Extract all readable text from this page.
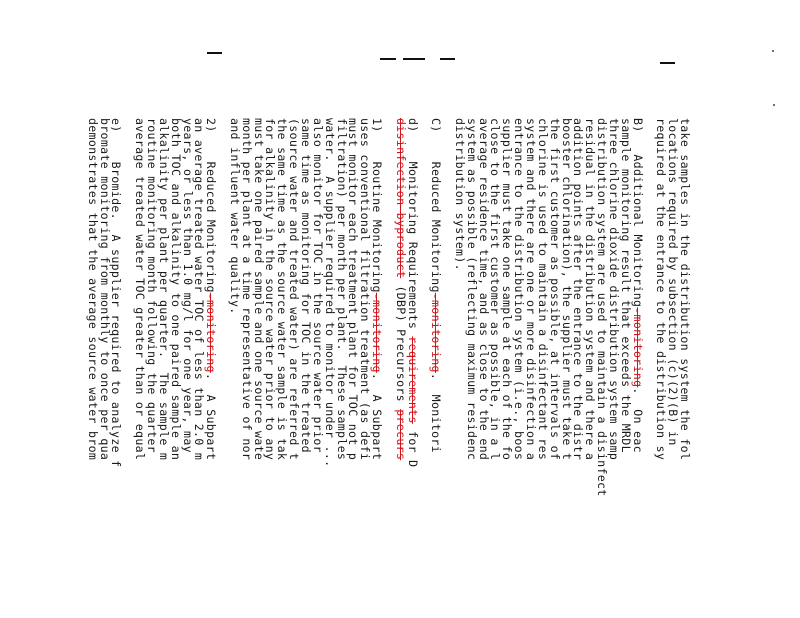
take samples in the distribution system the fol
locations required by subsection (c)(2)(B) in
required at the entrance to the distribution sy
B)   Additional Monitoring-monitoring.  On eac
sample monitoring result that exceeds the MRDL
three chlorine dioxide distribution system samp
distribution system are used to maintain a disinfect
residual in the distribution system and there a
addition points after the entrance to the distr
booster chlorination), the supplier must take t
the first customer as possible, at intervals of
chlorine is used to maintain a disinfectant res
system and there are one or more disinfection a
entrance to the distribution system (i.e., boos
supplier must take one sample at each of the fo
close to the first customer as possible, in a l
average residence time, and as close to the end
system as possible (reflecting maximum residenc
distribution system).
C)    Reduced Monitoring-monitoring.  Monitori
d)    Monitoring Requirements requirements for D
disinfection byproduct (DBP) Precursors precurs
1)    Routine Monitoring-monitoring.  A Subpart
uses conventional filtration treatment (as defi
must monitor each treatment plant for TOC not p
filtration) per month per plant.  These samples
water.  A supplier required to monitor under ...
also monitor for TOC in the source water prior
same time as monitoring for TOC in the treated
(source water and treated water) are referred t
the same time as the source water sample is tak
for alkalinity in the source water prior to any
must take one paired sample and one source wate
month per plant at a time representative of nor
and influent water quality.
2)    Reduced Monitoring-monitoring.  A Subpart
an average treated water TOC of less than 2.0 m
years, or less than 1.0 mg/l for one year, may
both TOC and alkalinity to one paired sample an
alkalinity per plant per quarter.  The sample m
routine monitoring month following the quarter
average treated water TOC greater than or equal
e)    Bromide.  A supplier required to analyze f
bromate monitoring from monthly to once per qua
demonstrates that the average source water brom
